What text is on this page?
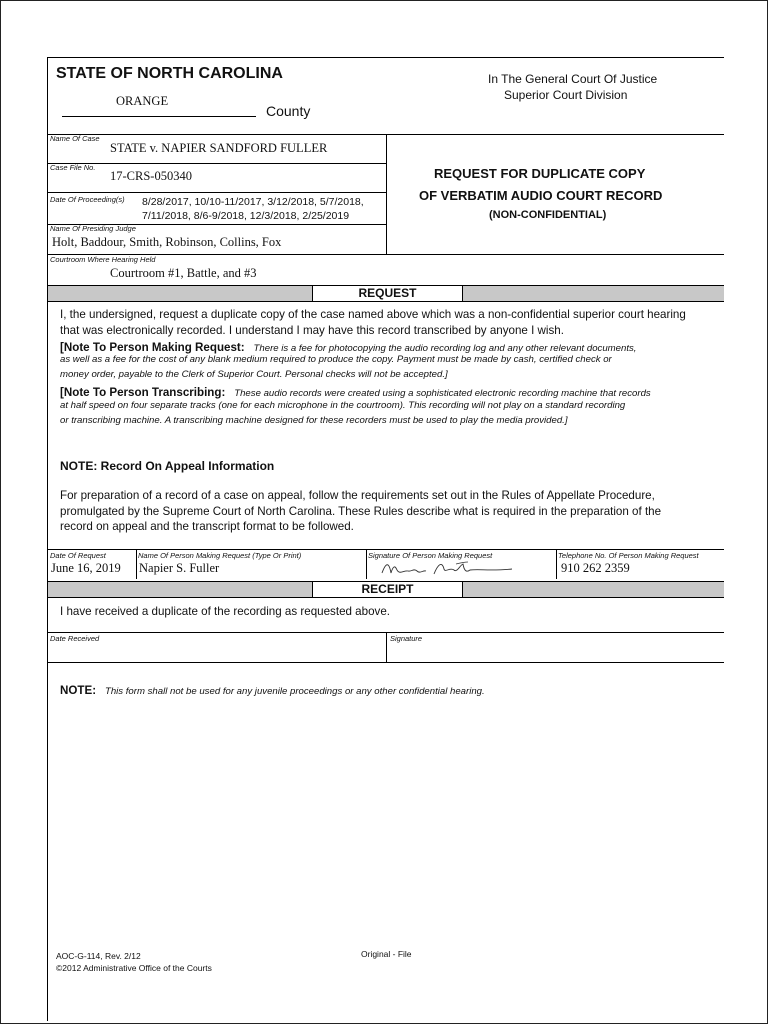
STATE OF NORTH CAROLINA
ORANGE
County
In The General Court Of Justice
Superior Court Division
Name Of Case
STATE v. NAPIER SANDFORD FULLER
Case File No.
17-CRS-050340
Date Of Proceeding(s) 8/28/2017, 10/10-11/2017, 3/12/2018, 5/7/2018,
7/11/2018, 8/6-9/2018, 12/3/2018, 2/25/2019
Name Of Presiding Judge
Holt, Baddour, Smith, Robinson, Collins, Fox
Courtroom Where Hearing Held
Courtroom #1, Battle, and #3
REQUEST FOR DUPLICATE COPY
OF VERBATIM AUDIO COURT RECORD
(NON-CONFIDENTIAL)
REQUEST
I, the undersigned, request a duplicate copy of the case named above which was a non-confidential superior court hearing
that was electronically recorded. I understand I may have this record transcribed by anyone I wish.
[Note To Person Making Request: There is a fee for photocopying the audio recording log and any other relevant documents,
as well as a fee for the cost of any blank medium required to produce the copy. Payment must be made by cash, certified check or
money order, payable to the Clerk of Superior Court. Personal checks will not be accepted.]
[Note To Person Transcribing: These audio records were created using a sophisticated electronic recording machine that records
at half speed on four separate tracks (one for each microphone in the courtroom). This recording will not play on a standard recording
or transcribing machine. A transcribing machine designed for these recorders must be used to play the media provided.]
NOTE: Record On Appeal Information
For preparation of a record of a case on appeal, follow the requirements set out in the Rules of Appellate Procedure,
promulgated by the Supreme Court of North Carolina. These Rules describe what is required in the preparation of the
record on appeal and the transcript format to be followed.
Date Of Request
June 16, 2019
Name Of Person Making Request (Type Or Print)
Napier S. Fuller
Signature Of Person Making Request	Telephone No. Of Person Making Request
910 262 2359
RECEIPT
I have received a duplicate of the recording as requested above.
Date Received	Signature
NOTE: This form shall not be used for any juvenile proceedings or any other confidential hearing.
AOC-G-114, Rev. 2/12
©2012 Administrative Office of the Courts
Original - File
